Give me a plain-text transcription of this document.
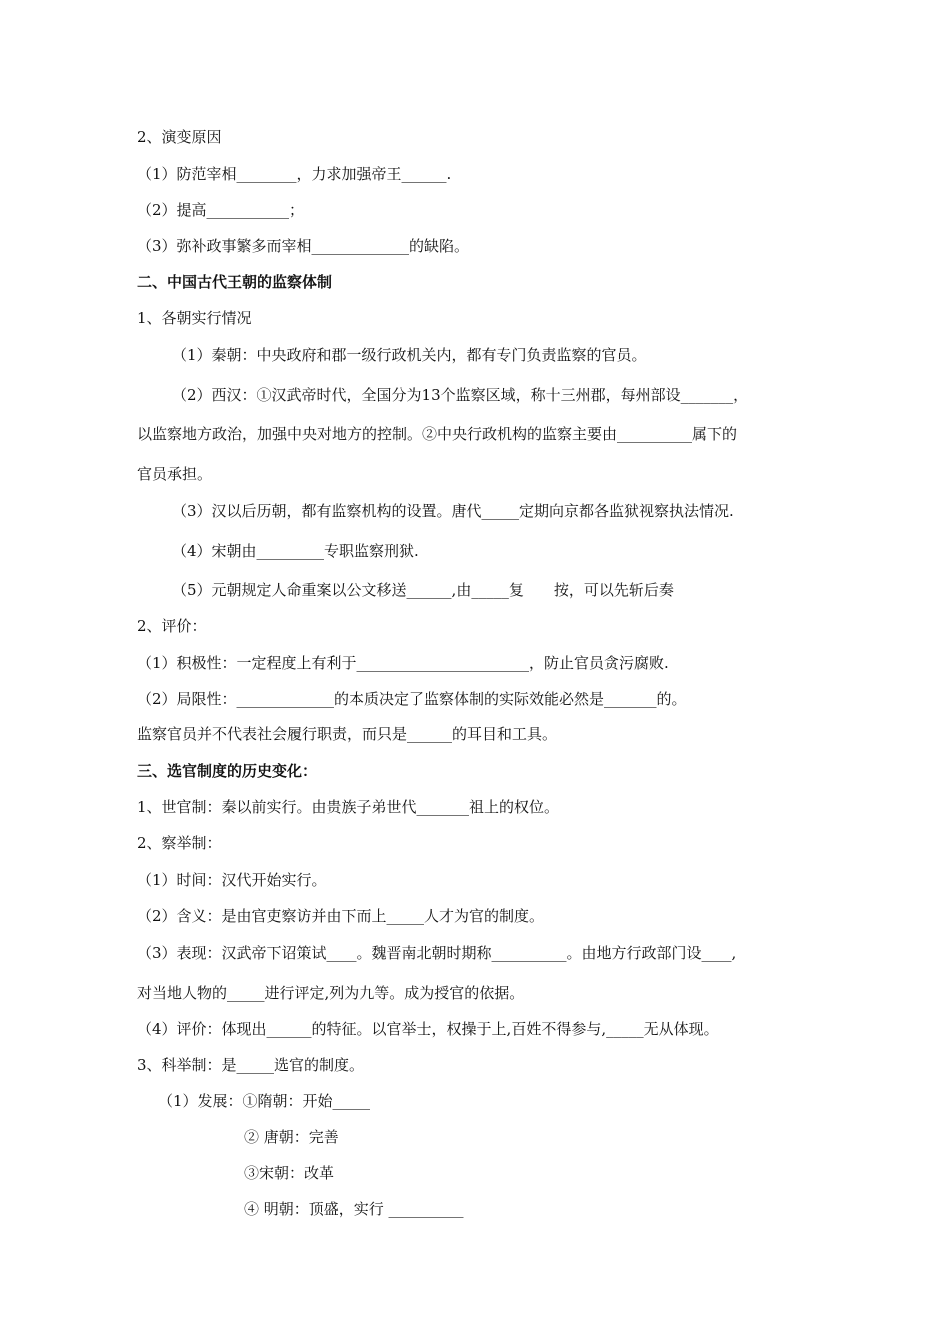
2、演变原因
（1）防范宰相________，力求加强帝王______.
（2）提高___________；
（3）弥补政事繁多而宰相_____________的缺陷。
二、中国古代王朝的监察体制
1、各朝实行情况
（1）秦朝：中央政府和郡一级行政机关内，都有专门负责监察的官员。
（2）西汉：①汉武帝时代，全国分为13个监察区域，称十三州郡，每州部设_______，
以监察地方政治，加强中央对地方的控制。②中央行政机构的监察主要由__________属下的
官员承担。
（3）汉以后历朝，都有监察机构的设置。唐代_____定期向京都各监狱视察执法情况.
（4）宋朝由_________专职监察刑狱.
（5）元朝规定人命重案以公文移送______,由_____复　　按，可以先斩后奏
2、评价：
（1）积极性：一定程度上有利于_______________________，防止官员贪污腐败.
（2）局限性：_____________的本质决定了监察体制的实际效能必然是_______的。
监察官员并不代表社会履行职责，而只是______的耳目和工具。
三、选官制度的历史变化：
1、世官制：秦以前实行。由贵族子弟世代_______祖上的权位。
2、察举制：
（1）时间：汉代开始实行。
（2）含义：是由官吏察访并由下而上_____人才为官的制度。
（3）表现：汉武帝下诏策试____。魏晋南北朝时期称__________。由地方行政部门设____,
对当地人物的_____进行评定,列为九等。成为授官的依据。
（4）评价：体现出______的特征。以官举士，权操于上,百姓不得参与,_____无从体现。
3、科举制：是_____选官的制度。
（1）发展：①隋朝：开始_____
② 唐朝：完善
③宋朝：改革
④ 明朝：顶盛，实行 __________
